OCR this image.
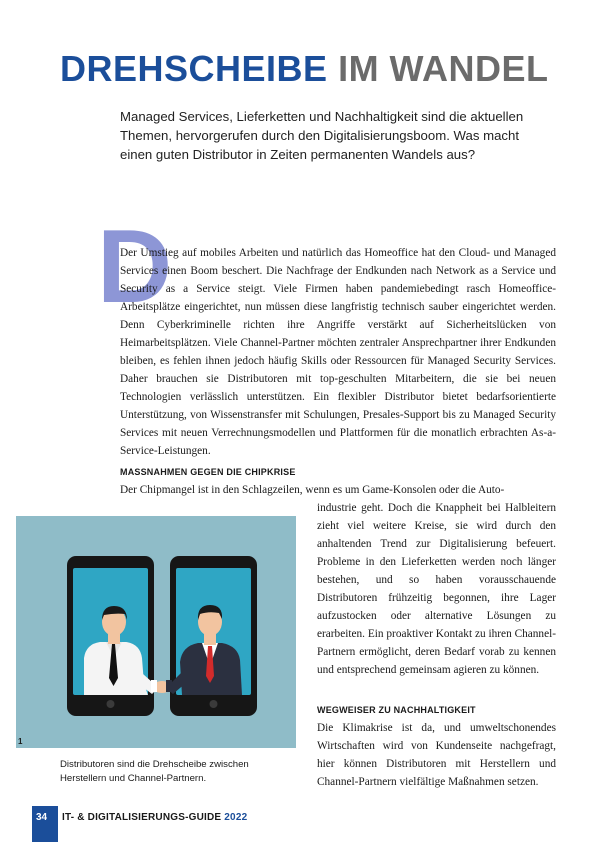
DREHSCHEIBE IM WANDEL

Managed Services, Lieferketten und Nachhaltigkeit sind die aktuellen Themen, hervorgerufen durch den Digitalisierungsboom. Was macht einen guten Distributor in Zeiten permanenten Wandels aus?

D

Der Umstieg auf mobiles Arbeiten und natürlich das Homeoffice hat den Cloud- und Managed Services einen Boom beschert. Die Nachfrage der Endkunden nach Network as a Service und Security as a Service steigt. Viele Firmen haben pandemiebedingt rasch Homeoffice-Arbeitsplätze eingerichtet, nun müssen diese langfristig technisch sauber eingerichtet werden. Denn Cyberkriminelle richten ihre Angriffe verstärkt auf Sicherheitslücken von Heimarbeitsplätzen. Viele Channel-Partner möchten zentraler Ansprechpartner ihrer Endkunden bleiben, es fehlen ihnen jedoch häufig Skills oder Ressourcen für Managed Security Services. Daher brauchen sie Distributoren mit top-geschulten Mitarbeitern, die sie bei neuen Technologien verlässlich unterstützen. Ein flexibler Distributor bietet bedarfsorientierte Unterstützung, von Wissenstransfer mit Schulungen, Presales-Support bis zu Managed Security Services mit neuen Verrechnungsmodellen und Plattformen für die monatlich erbrachten As-a-Service-Leistungen.

MASSNAHMEN GEGEN DIE CHIPKRISE

Der Chipmangel ist in den Schlagzeilen, wenn es um Game-Konsolen oder die Auto-

industrie geht. Doch die Knappheit bei Halbleitern zieht viel weitere Kreise, sie wird durch den anhaltenden Trend zur Digitalisierung befeuert. Probleme in den Lieferketten werden noch länger bestehen, und so haben vorausschauende Distributoren frühzeitig begonnen, ihre Lager aufzustocken oder alternative Lösungen zu erarbeiten. Ein proaktiver Kontakt zu ihren Channel-Partnern ermöglicht, deren Bedarf vorab zu kennen und entsprechend gemeinsam agieren zu können.

WEGWEISER ZU NACHHALTIGKEIT

Die Klimakrise ist da, und umweltschonendes Wirtschaften wird von Kundenseite nachgefragt, hier können Distributoren mit Herstellern und Channel-Partnern vielfältige Maßnahmen setzen.

1

Distributoren sind die Drehscheibe zwischen Herstellern und Channel-Partnern.

34 IT- & DIGITALISIERUNGS-GUIDE 2022
